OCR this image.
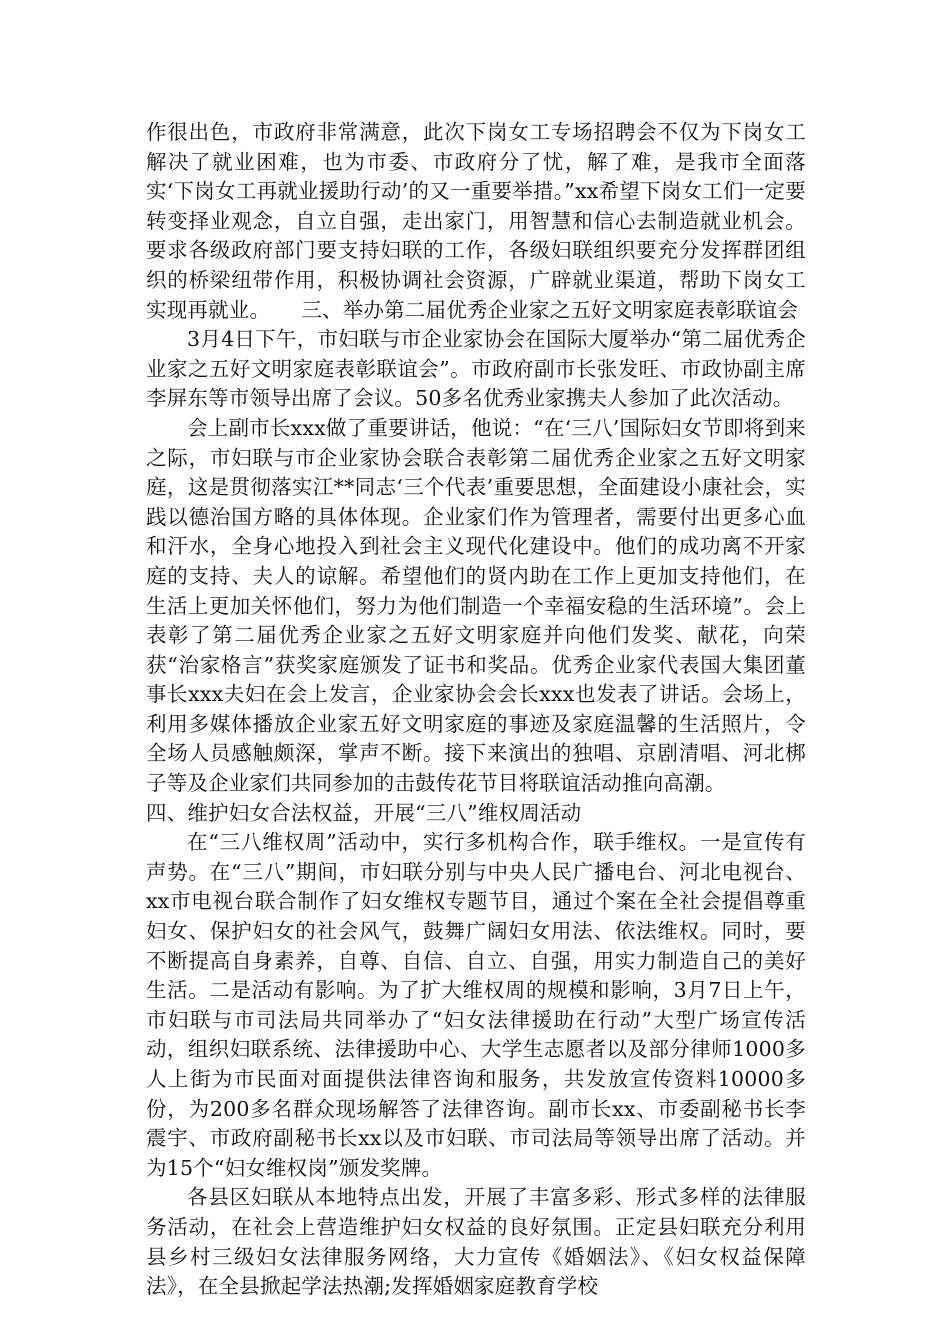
作很出色，市政府非常满意，此次下岗女工专场招聘会不仅为下岗女工解决了就业困难，也为市委、市政府分了忧，解了难，是我市全面落实‘下岗女工再就业援助行动’的又一重要举措。”xx希望下岗女工们一定要转变择业观念，自立自强，走出家门，用智慧和信心去制造就业机会。要求各级政府部门要支持妇联的工作，各级妇联组织要充分发挥群团组织的桥梁纽带作用，积极协调社会资源，广辟就业渠道，帮助下岗女工实现再就业。　　三、举办第二届优秀企业家之五好文明家庭表彰联谊会

3月4日下午，市妇联与市企业家协会在国际大厦举办“第二届优秀企业家之五好文明家庭表彰联谊会”。市政府副市长张发旺、市政协副主席李屏东等市领导出席了会议。50多名优秀业家携夫人参加了此次活动。

会上副市长xxx做了重要讲话，他说：“在‘三八’国际妇女节即将到来之际，市妇联与市企业家协会联合表彰第二届优秀企业家之五好文明家庭，这是贯彻落实江**同志‘三个代表’重要思想，全面建设小康社会，实践以德治国方略的具体体现。企业家们作为管理者，需要付出更多心血和汗水，全身心地投入到社会主义现代化建设中。他们的成功离不开家庭的支持、夫人的谅解。希望他们的贤内助在工作上更加支持他们，在生活上更加关怀他们，努力为他们制造一个幸福安稳的生活环境”。会上表彰了第二届优秀企业家之五好文明家庭并向他们发奖、献花，向荣获“治家格言”获奖家庭颁发了证书和奖品。优秀企业家代表国大集团董事长xxx夫妇在会上发言，企业家协会会长xxx也发表了讲话。会场上，利用多媒体播放企业家五好文明家庭的事迹及家庭温馨的生活照片，令全场人员感触颇深，掌声不断。接下来演出的独唱、京剧清唱、河北梆子等及企业家们共同参加的击鼓传花节目将联谊活动推向高潮。

四、维护妇女合法权益，开展“三八”维权周活动

在“三八维权周”活动中，实行多机构合作，联手维权。一是宣传有声势。在“三八”期间，市妇联分别与中央人民广播电台、河北电视台、xx市电视台联合制作了妇女维权专题节目，通过个案在全社会提倡尊重妇女、保护妇女的社会风气，鼓舞广阔妇女用法、依法维权。同时，要不断提高自身素养，自尊、自信、自立、自强，用实力制造自己的美好生活。二是活动有影响。为了扩大维权周的规模和影响，3月7日上午，市妇联与市司法局共同举办了“妇女法律援助在行动”大型广场宣传活动，组织妇联系统、法律援助中心、大学生志愿者以及部分律师1000多人上街为市民面对面提供法律咨询和服务，共发放宣传资料10000多份，为200多名群众现场解答了法律咨询。副市长xx、市委副秘书长李震宇、市政府副秘书长xx以及市妇联、市司法局等领导出席了活动。并为15个“妇女维权岗”颁发奖牌。

各县区妇联从本地特点出发，开展了丰富多彩、形式多样的法律服务活动，在社会上营造维护妇女权益的良好氛围。正定县妇联充分利用县乡村三级妇女法律服务网络，大力宣传《婚姻法》、《妇女权益保障法》，在全县掀起学法热潮;发挥婚姻家庭教育学校
